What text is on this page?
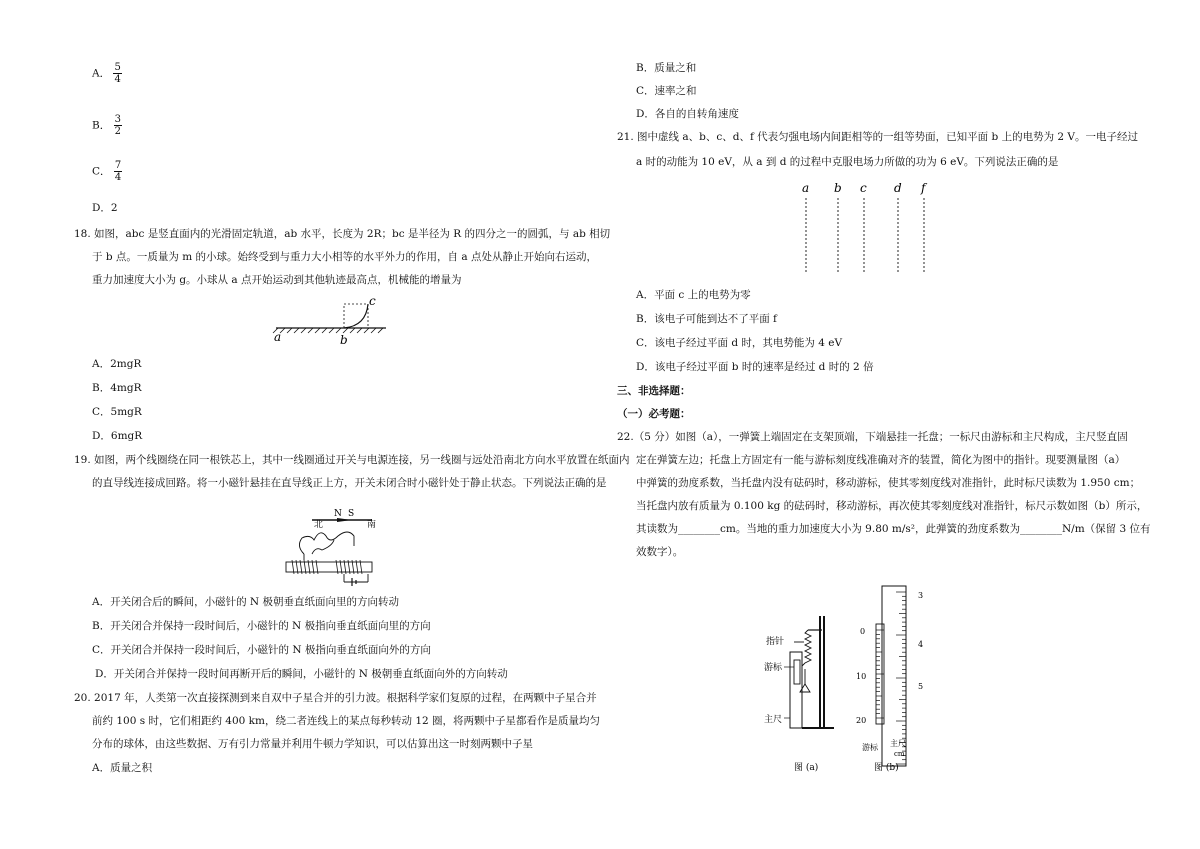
A． $\frac{5}{4}$
B． $\frac{3}{2}$
C． $\frac{7}{4}$
D．2
18. 如图，abc 是竖直面内的光滑固定轨道，ab 水平，长度为 2R；bc 是半径为 R 的四分之一的圆弧，与 ab 相切
于 b 点。一质量为 m 的小球。始终受到与重力大小相等的水平外力的作用，自 a 点处从静止开始向右运动，
重力加速度大小为 g。小球从 a 点开始运动到其他轨迹最高点，机械能的增量为
a	b
c
A．2mgR
B．4mgR
C．5mgR
D．6mgR
19. 如图，两个线圈绕在同一根铁芯上，其中一线圈通过开关与电源连接，另一线圈与远处沿南北方向水平放置在纸面内
的直导线连接成回路。将一小磁针悬挂在直导线正上方，开关未闭合时小磁针处于静止状态。下列说法正确的是
北
N S
南
A．开关闭合后的瞬间，小磁针的 N 极朝垂直纸面向里的方向转动
B．开关闭合并保持一段时间后，小磁针的 N 极指向垂直纸面向里的方向
C．开关闭合并保持一段时间后，小磁针的 N 极指向垂直纸面向外的方向
D．开关闭合并保持一段时间再断开后的瞬间，小磁针的 N 极朝垂直纸面向外的方向转动
20. 2017 年，人类第一次直接探测到来自双中子星合并的引力波。根据科学家们复原的过程，在两颗中子星合并
前约 100 s 时，它们相距约 400 km，绕二者连线上的某点每秒转动 12 圈，将两颗中子星都看作是质量均匀
分布的球体，由这些数据、万有引力常量并利用牛顿力学知识，可以估算出这一时刻两颗中子星
A．质量之积
B．质量之和
C．速率之和
D．各自的自转角速度
21. 图中虚线 a、b、c、d、f 代表匀强电场内间距相等的一组等势面，已知平面 b 上的电势为 2 V。一电子经过
a 时的动能为 10 eV，从 a 到 d 的过程中克服电场力所做的功为 6 eV。下列说法正确的是
a b c d f
A．平面 c 上的电势为零
B．该电子可能到达不了平面 f
C．该电子经过平面 d 时，其电势能为 4 eV
D．该电子经过平面 b 时的速率是经过 d 时的 2 倍
三、非选择题：
（一）必考题：
22.（5 分）如图（a），一弹簧上端固定在支架顶端，下端悬挂一托盘；一标尺由游标和主尺构成，主尺竖直固
定在弹簧左边；托盘上方固定有一能与游标刻度线准确对齐的装置，简化为图中的指针。现要测量图（a）
中弹簧的劲度系数，当托盘内没有砝码时，移动游标，使其零刻度线对准指针，此时标尺读数为 1.950 cm；
当托盘内放有质量为 0.100 kg 的砝码时，移动游标，再次使其零刻度线对准指针，标尺示数如图（b）所示，
其读数为________cm。当地的重力加速度大小为 9.80 m/s²，此弹簧的劲度系数为________N/m（保留 3 位有
效数字）。
指针
游标
主尺
图 (a)
3
4
5
0
10
20
游标 主尺
cm
图 (b)
